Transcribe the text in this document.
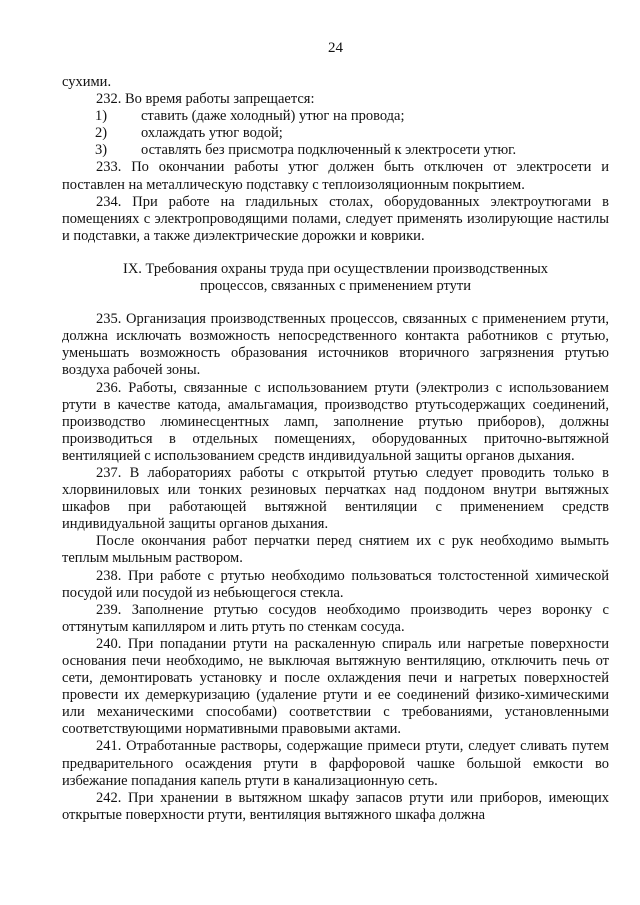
24

сухими.

232. Во время работы запрещается:

1)	ставить (даже холодный) утюг на провода;
2)	охлаждать утюг водой;
3)	оставлять без присмотра подключенный к электросети утюг.

233. По окончании работы утюг должен быть отключен от электросети и поставлен на металлическую подставку с теплоизоляционным покрытием.

234. При работе на гладильных столах, оборудованных электроутюгами в помещениях с электропроводящими полами, следует применять изолирующие настилы и подставки, а также диэлектрические дорожки и коврики.

IX. Требования охраны труда при осуществлении производственных процессов, связанных с применением ртути

235. Организация производственных процессов, связанных с применением ртути, должна исключать возможность непосредственного контакта работников с ртутью, уменьшать возможность образования источников вторичного загрязнения ртутью воздуха рабочей зоны.

236. Работы, связанные с использованием ртути (электролиз с использованием ртути в качестве катода, амальгамация, производство ртутьсодержащих соединений, производство люминесцентных ламп, заполнение ртутью приборов), должны производиться в отдельных помещениях, оборудованных приточно-вытяжной вентиляцией с использованием средств индивидуальной защиты органов дыхания.

237. В лабораториях работы с открытой ртутью следует проводить только в хлорвиниловых или тонких резиновых перчатках над поддоном внутри вытяжных шкафов при работающей вытяжной вентиляции с применением средств индивидуальной защиты органов дыхания.

После окончания работ перчатки перед снятием их с рук необходимо вымыть теплым мыльным раствором.

238. При работе с ртутью необходимо пользоваться толстостенной химической посудой или посудой из небьющегося стекла.

239. Заполнение ртутью сосудов необходимо производить через воронку с оттянутым капилляром и лить ртуть по стенкам сосуда.

240. При попадании ртути на раскаленную спираль или нагретые поверхности основания печи необходимо, не выключая вытяжную вентиляцию, отключить печь от сети, демонтировать установку и после охлаждения печи и нагретых поверхностей провести их демеркуризацию (удаление ртути и ее соединений физико-химическими или механическими способами) соответствии с требованиями, установленными соответствующими нормативными правовыми актами.

241. Отработанные растворы, содержащие примеси ртути, следует сливать путем предварительного осаждения ртути в фарфоровой чашке большой емкости во избежание попадания капель ртути в канализационную сеть.

242. При хранении в вытяжном шкафу запасов ртути или приборов, имеющих открытые поверхности ртути, вентиляция вытяжного шкафа должна
